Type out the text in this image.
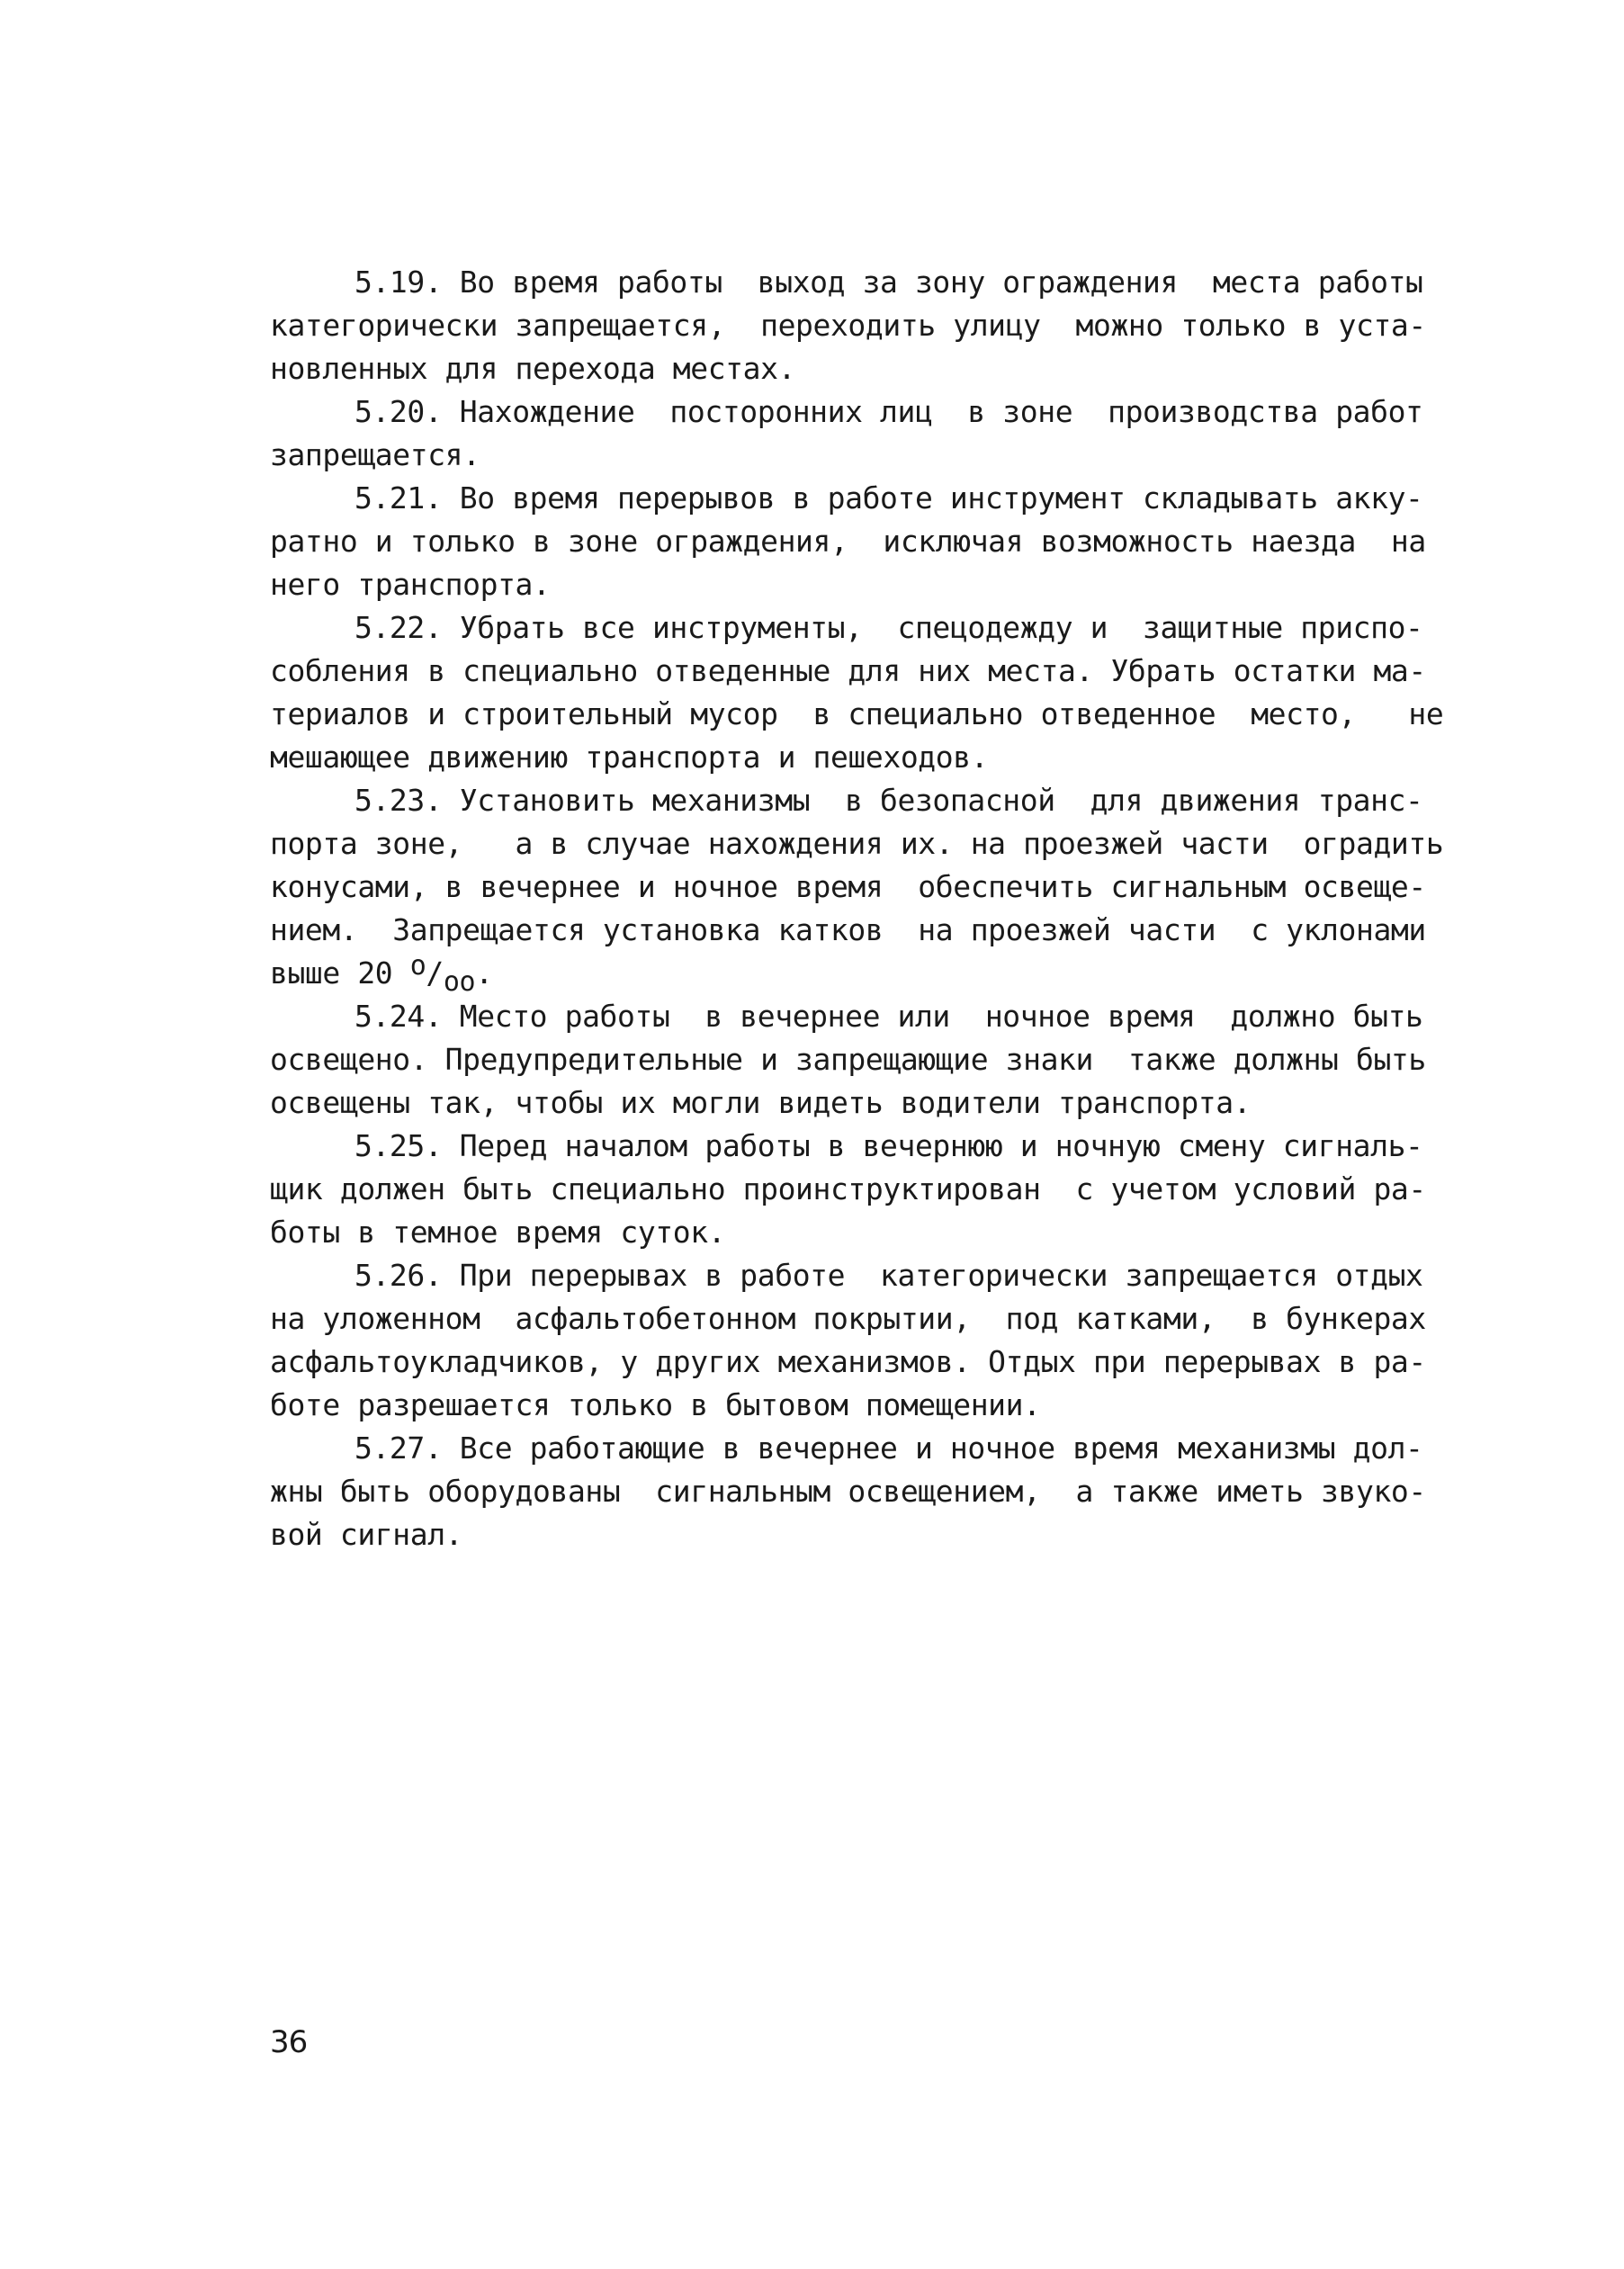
5.19. Во время работы  выход за зону ограждения  места работы
категорически запрещается,  переходить улицу  можно только в уста-
новленных для перехода местах.
5.20. Нахождение  посторонних лиц  в зоне  производства работ
запрещается.
5.21. Во время перерывов в работе инструмент складывать акку-
ратно и только в зоне ограждения,  исключая возможность наезда  на
него транспорта.
5.22. Убрать все инструменты,  спецодежду и  защитные приспо-
собления в специально отведенные для них места. Убрать остатки ма-
териалов и строительный мусор  в специально отведенное  место,   не
мешающее движению транспорта и пешеходов.
5.23. Установить механизмы  в безопасной  для движения транс-
порта зоне,   а в случае нахождения их. на проезжей части  оградить
конусами, в вечернее и ночное время  обеспечить сигнальным освеще-
нием.  Запрещается установка катков  на проезжей части  с уклонами
выше 20 о/оо.
5.24. Место работы  в вечернее или  ночное время  должно быть
освещено. Предупредительные и запрещающие знаки  также должны быть
освещены так, чтобы их могли видеть водители транспорта.
5.25. Перед началом работы в вечернюю и ночную смену сигналь-
щик должен быть специально проинструктирован  с учетом условий ра-
боты в темное время суток.
5.26. При перерывах в работе  категорически запрещается отдых
на уложенном  асфальтобетонном покрытии,  под катками,  в бункерах
асфальтоукладчиков, у других механизмов. Отдых при перерывах в ра-
боте разрешается только в бытовом помещении.
5.27. Все работающие в вечернее и ночное время механизмы дол-
жны быть оборудованы  сигнальным освещением,  а также иметь звуко-
вой сигнал.
36
